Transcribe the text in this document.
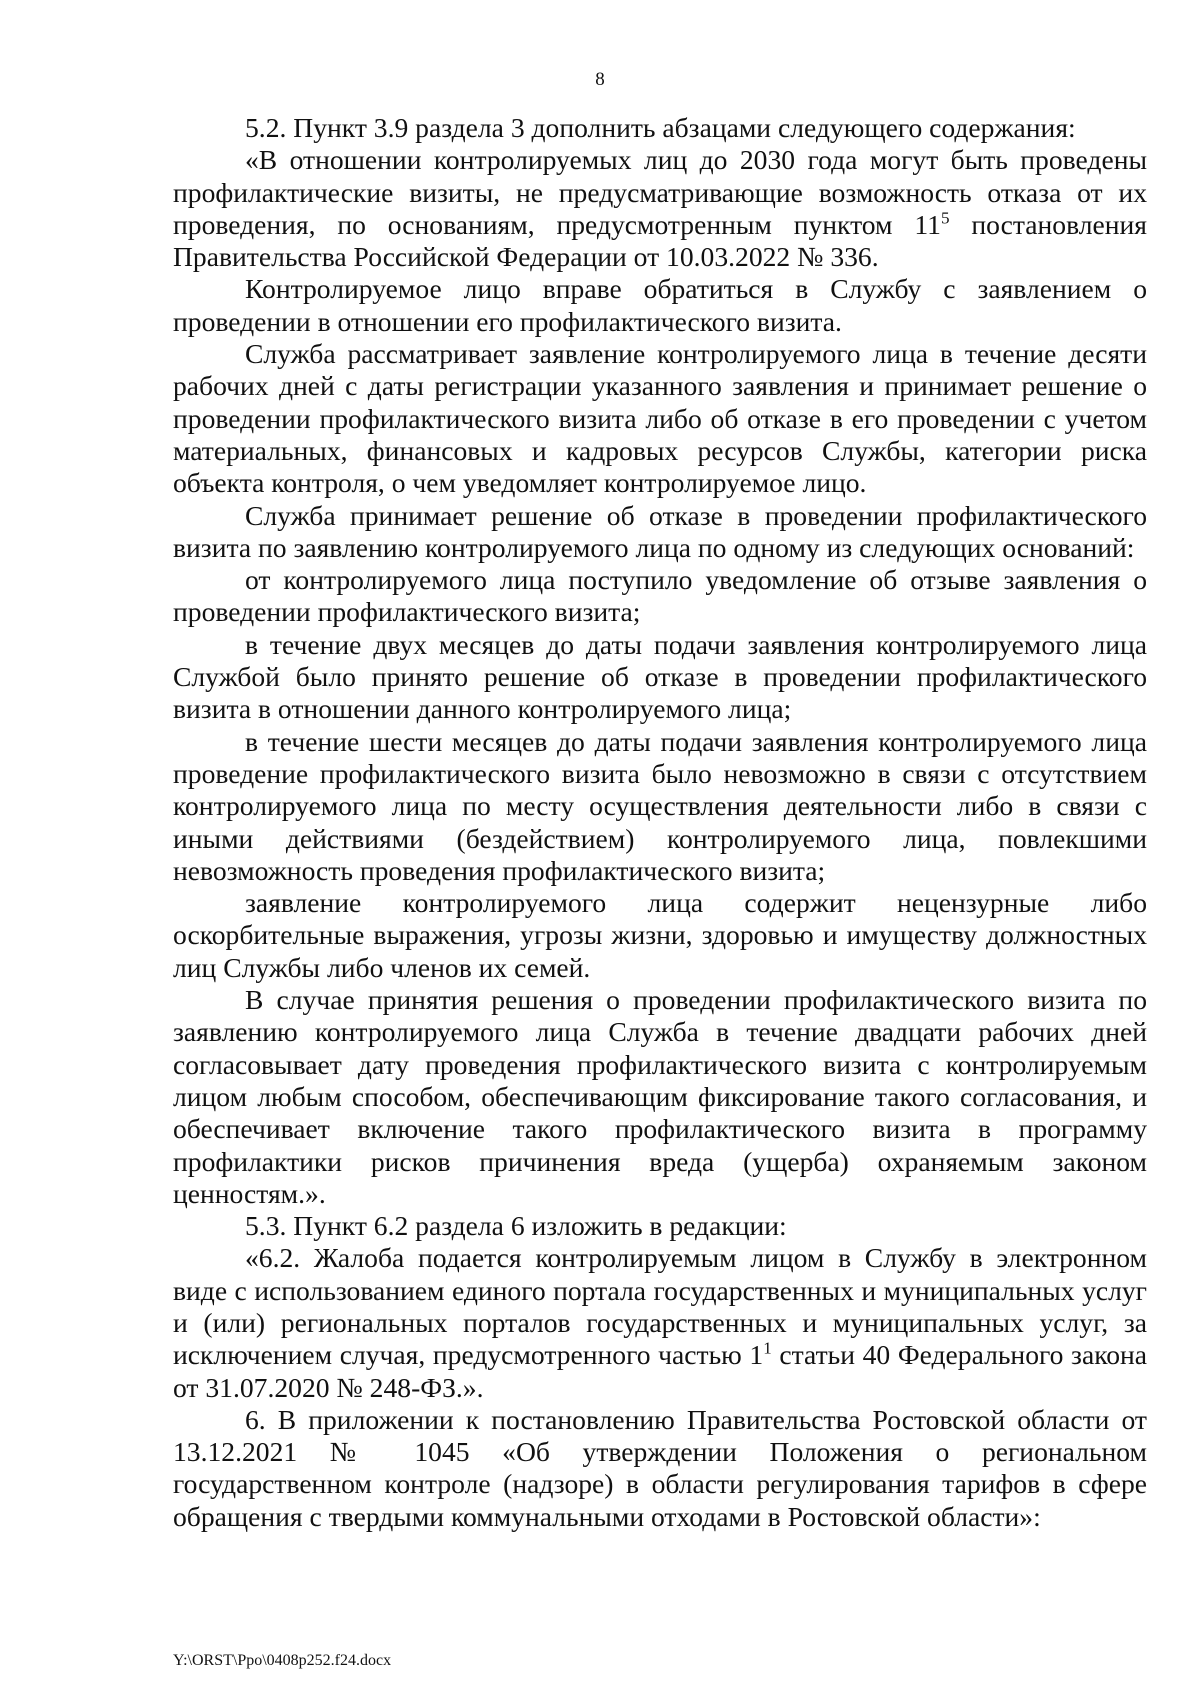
8

5.2. Пункт 3.9 раздела 3 дополнить абзацами следующего содержания:

«В отношении контролируемых лиц до 2030 года могут быть проведены профилактические визиты, не предусматривающие возможность отказа от их проведения, по основаниям, предусмотренным пунктом $11^5$ постановления Правительства Российской Федерации от 10.03.2022 № 336.

Контролируемое лицо вправе обратиться в Службу с заявлением о проведении в отношении его профилактического визита.

Служба рассматривает заявление контролируемого лица в течение десяти рабочих дней с даты регистрации указанного заявления и принимает решение о проведении профилактического визита либо об отказе в его проведении с учетом материальных, финансовых и кадровых ресурсов Службы, категории риска объекта контроля, о чем уведомляет контролируемое лицо.

Служба принимает решение об отказе в проведении профилактического визита по заявлению контролируемого лица по одному из следующих оснований:

от контролируемого лица поступило уведомление об отзыве заявления о проведении профилактического визита;

в течение двух месяцев до даты подачи заявления контролируемого лица Службой было принято решение об отказе в проведении профилактического визита в отношении данного контролируемого лица;

в течение шести месяцев до даты подачи заявления контролируемого лица проведение профилактического визита было невозможно в связи с отсутствием контролируемого лица по месту осуществления деятельности либо в связи с иными действиями (бездействием) контролируемого лица, повлекшими невозможность проведения профилактического визита;

заявление контролируемого лица содержит нецензурные либо оскорбительные выражения, угрозы жизни, здоровью и имуществу должностных лиц Службы либо членов их семей.

В случае принятия решения о проведении профилактического визита по заявлению контролируемого лица Служба в течение двадцати рабочих дней согласовывает дату проведения профилактического визита с контролируемым лицом любым способом, обеспечивающим фиксирование такого согласования, и обеспечивает включение такого профилактического визита в программу профилактики рисков причинения вреда (ущерба) охраняемым законом ценностям.».

5.3. Пункт 6.2 раздела 6 изложить в редакции:

«6.2. Жалоба подается контролируемым лицом в Службу в электронном виде с использованием единого портала государственных и муниципальных услуг и (или) региональных порталов государственных и муниципальных услуг, за исключением случая, предусмотренного частью $1^1$ статьи 40 Федерального закона от 31.07.2020 № 248-ФЗ.».

6. В приложении к постановлению Правительства Ростовской области от 13.12.2021 № 1045 «Об утверждении Положения о региональном государственном контроле (надзоре) в области регулирования тарифов в сфере обращения с твердыми коммунальными отходами в Ростовской области»:

Y:\ORST\Ppo\0408p252.f24.docx
